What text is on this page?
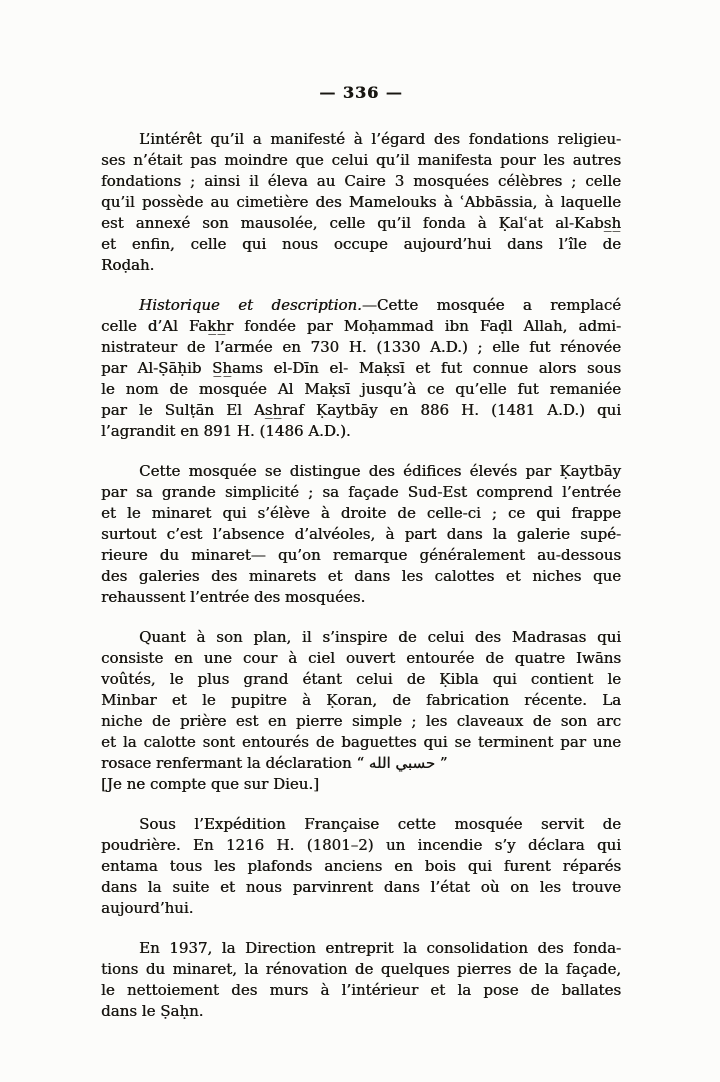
— 336 —
L’intérêt qu’il a manifesté à l’égard des fondations religieu-
ses n’était pas moindre que celui qu’il manifesta pour les autres
fondations ; ainsi il éleva au Caire 3 mosquées célèbres ; celle
qu’il possède au cimetière des Mamelouks à ʿAbbāssia, à laquelle
est annexé son mausolée, celle qu’il fonda à Ḳalʿat al-Kabs̲h̲
et enfin, celle qui nous occupe aujourd’hui dans l’île de
Roḍah.
Historique et description.—Cette mosquée a remplacé
celle d’Al Fak̲h̲r fondée par Moḥammad ibn Faḍl Allah, admi-
nistrateur de l’armée en 730 H. (1330 A.D.) ; elle fut rénovée
par Al-Ṣāḥib S̲h̲ams el-Dīn el- Maḳsī et fut connue alors sous
le nom de mosquée Al Maḳsī jusqu’à ce qu’elle fut remaniée
par le Sulṭān El As̲h̲raf Ḳaytbāy en 886 H. (1481 A.D.) qui
l’agrandit en 891 H. (1486 A.D.).
Cette mosquée se distingue des édifices élevés par Ḳaytbāy
par sa grande simplicité ; sa façade Sud-Est comprend l’entrée
et le minaret qui s’élève à droite de celle-ci ; ce qui frappe
surtout c’est l’absence d’alvéoles, à part dans la galerie supé-
rieure du minaret— qu’on remarque généralement au-dessous
des galeries des minarets et dans les calottes et niches que
rehaussent l’entrée des mosquées.
Quant à son plan, il s’inspire de celui des Madrasas qui
consiste en une cour à ciel ouvert entourée de quatre Iwāns
voûtés, le plus grand étant celui de Ḳibla qui contient le
Minbar et le pupitre à Ḳoran, de fabrication récente. La
niche de prière est en pierre simple ; les claveaux de son arc
et la calotte sont entourés de baguettes qui se terminent par une
rosace renfermant la déclaration “ حسبي الله ”
[Je ne compte que sur Dieu.]
Sous l’Expédition Française cette mosquée servit de
poudrière. En 1216 H. (1801–2) un incendie s’y déclara qui
entama tous les plafonds anciens en bois qui furent réparés
dans la suite et nous parvinrent dans l’état où on les trouve
aujourd’hui.
En 1937, la Direction entreprit la consolidation des fonda-
tions du minaret, la rénovation de quelques pierres de la façade,
le nettoiement des murs à l’intérieur et la pose de ballates
dans le Ṣaḥn.
